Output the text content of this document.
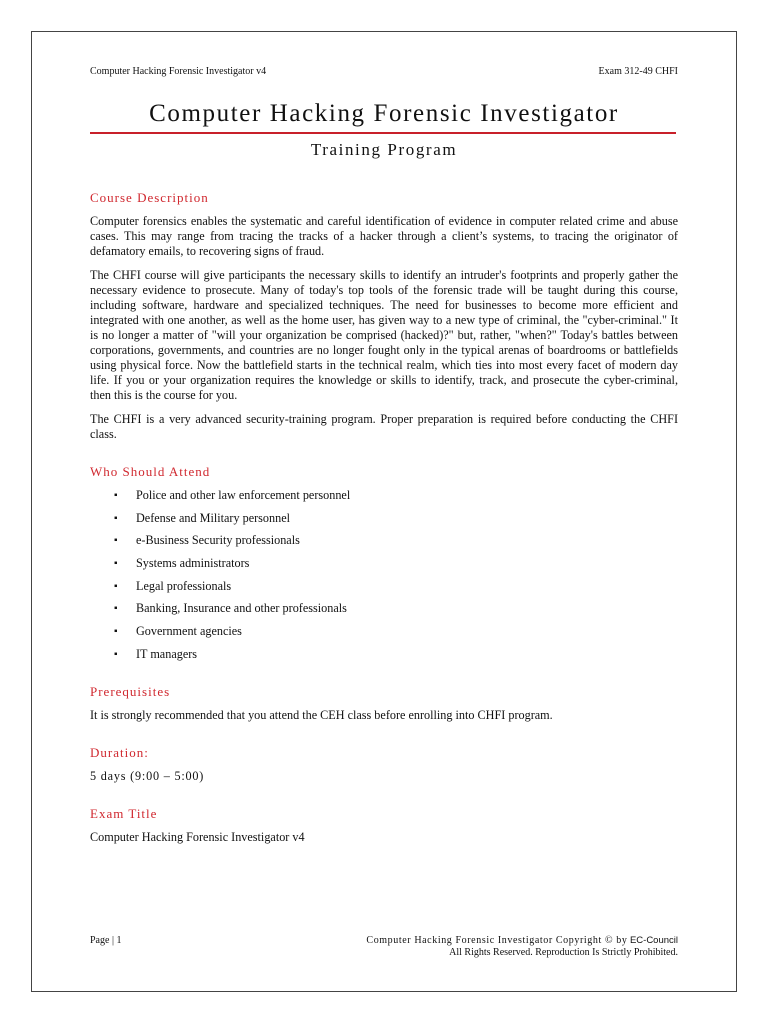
Computer Hacking Forensic Investigator v4	Exam 312-49 CHFI
Computer Hacking Forensic Investigator
Training Program
Course Description

Computer forensics enables the systematic and careful identification of evidence in computer related crime and abuse cases. This may range from tracing the tracks of a hacker through a client’s systems, to tracing the originator of defamatory emails, to recovering signs of fraud.

The CHFI course will give participants the necessary skills to identify an intruder's footprints and properly gather the necessary evidence to prosecute. Many of today's top tools of the forensic trade will be taught during this course, including software, hardware and specialized techniques. The need for businesses to become more efficient and integrated with one another, as well as the home user, has given way to a new type of criminal, the "cyber-criminal." It is no longer a matter of "will your organization be comprised (hacked)?" but, rather, "when?" Today's battles between corporations, governments, and countries are no longer fought only in the typical arenas of boardrooms or battlefields using physical force. Now the battlefield starts in the technical realm, which ties into most every facet of modern day life. If you or your organization requires the knowledge or skills to identify, track, and prosecute the cyber-criminal, then this is the course for you.

The CHFI is a very advanced security-training program. Proper preparation is required before conducting the CHFI class.

Who Should Attend
▪ Police and other law enforcement personnel
▪ Defense and Military personnel
▪ e-Business Security professionals
▪ Systems administrators
▪ Legal professionals
▪ Banking, Insurance and other professionals
▪ Government agencies
▪ IT managers
Prerequisites

It is strongly recommended that you attend the CEH class before enrolling into CHFI program.

Duration:

5 days (9:00 – 5:00)

Exam Title

Computer Hacking Forensic Investigator v4

Page | 1	Computer Hacking Forensic Investigator Copyright © by EC-Council
All Rights Reserved. Reproduction Is Strictly Prohibited.
